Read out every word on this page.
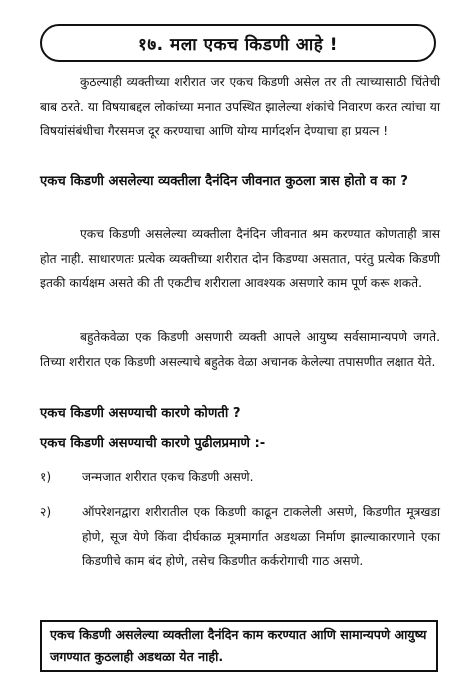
१७. मला एकच किडणी आहे !

कुठल्याही व्यक्तीच्या शरीरात जर एकच किडणी असेल तर ती त्याच्यासाठी चिंतेची बाब ठरते. या विषयाबद्दल लोकांच्या मनात उपस्थित झालेल्या शंकांचे निवारण करत त्यांचा या विषयांसंबंधीचा गैरसमज दूर करण्याचा आणि योग्य मार्गदर्शन देण्याचा हा प्रयत्न !

एकच किडणी असलेल्या व्यक्तीला दैनंदिन जीवनात कुठला त्रास होतो व का ?

एकच किडणी असलेल्या व्यक्तीला दैनंदिन जीवनात श्रम करण्यात कोणताही त्रास होत नाही. साधारणतः प्रत्येक व्यक्तीच्या शरीरात दोन किडण्या असतात, परंतु प्रत्येक किडणी इतकी कार्यक्षम असते की ती एकटीच शरीराला आवश्यक असणारे काम पूर्ण करू शकते.

बहुतेकवेळा एक किडणी असणारी व्यक्ती आपले आयुष्य सर्वसामान्यपणे जगते. तिच्या शरीरात एक किडणी असल्याचे बहुतेक वेळा अचानक केलेल्या तपासणीत लक्षात येते.

एकच किडणी असण्याची कारणे कोणती ?

एकच किडणी असण्याची कारणे पुढीलप्रमाणे :-

१)	जन्मजात शरीरात एकच किडणी असणे.
२)	ऑपरेशनद्वारा शरीरातील एक किडणी काढून टाकलेली असणे, किडणीत मूत्रखडा होणे, सूज येणे किंवा दीर्घकाळ मूत्रमार्गात अडथळा निर्माण झाल्याकारणाने एका किडणीचे काम बंद होणे, तसेच किडणीत कर्करोगाची गाठ असणे.
एकच किडणी असलेल्या व्यक्तीला दैनंदिन काम करण्यात आणि सामान्यपणे आयुष्य जगण्यात कुठलाही अडथळा येत नाही.
